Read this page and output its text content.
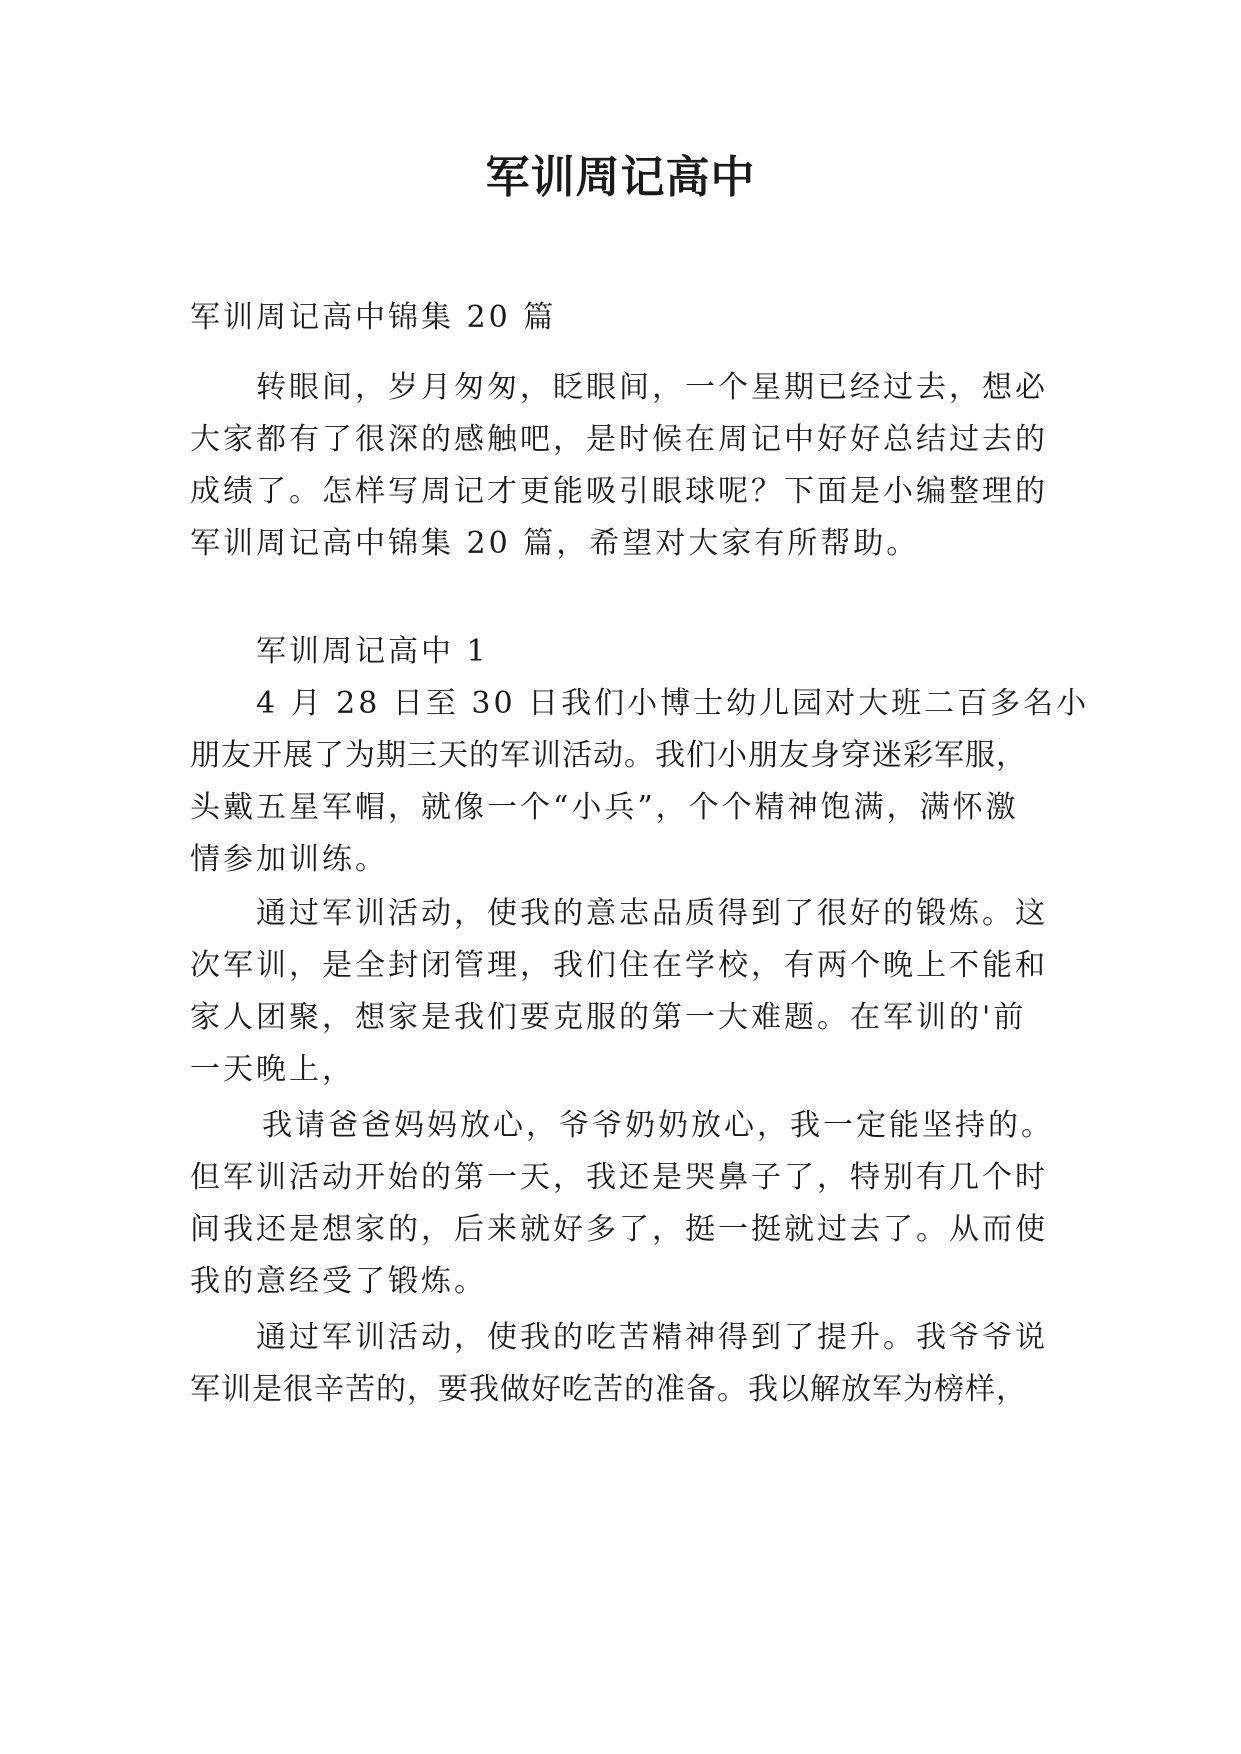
军训周记高中
军训周记高中锦集 20 篇
转眼间，岁月匆匆，眨眼间，一个星期已经过去，想必
大家都有了很深的感触吧，是时候在周记中好好总结过去的
成绩了。怎样写周记才更能吸引眼球呢？下面是小编整理的
军训周记高中锦集 20 篇，希望对大家有所帮助。
军训周记高中 1
4 月 28 日至 30 日我们小博士幼儿园对大班二百多名小
朋友开展了为期三天的军训活动。我们小朋友身穿迷彩军服，
头戴五星军帽，就像一个“小兵”，个个精神饱满，满怀激
情参加训练。
通过军训活动，使我的意志品质得到了很好的锻炼。这
次军训，是全封闭管理，我们住在学校，有两个晚上不能和
家人团聚，想家是我们要克服的第一大难题。在军训的'前
一天晚上，
我请爸爸妈妈放心，爷爷奶奶放心，我一定能坚持的。
但军训活动开始的第一天，我还是哭鼻子了，特别有几个时
间我还是想家的，后来就好多了，挺一挺就过去了。从而使
我的意经受了锻炼。
通过军训活动，使我的吃苦精神得到了提升。我爷爷说
军训是很辛苦的，要我做好吃苦的准备。我以解放军为榜样，
